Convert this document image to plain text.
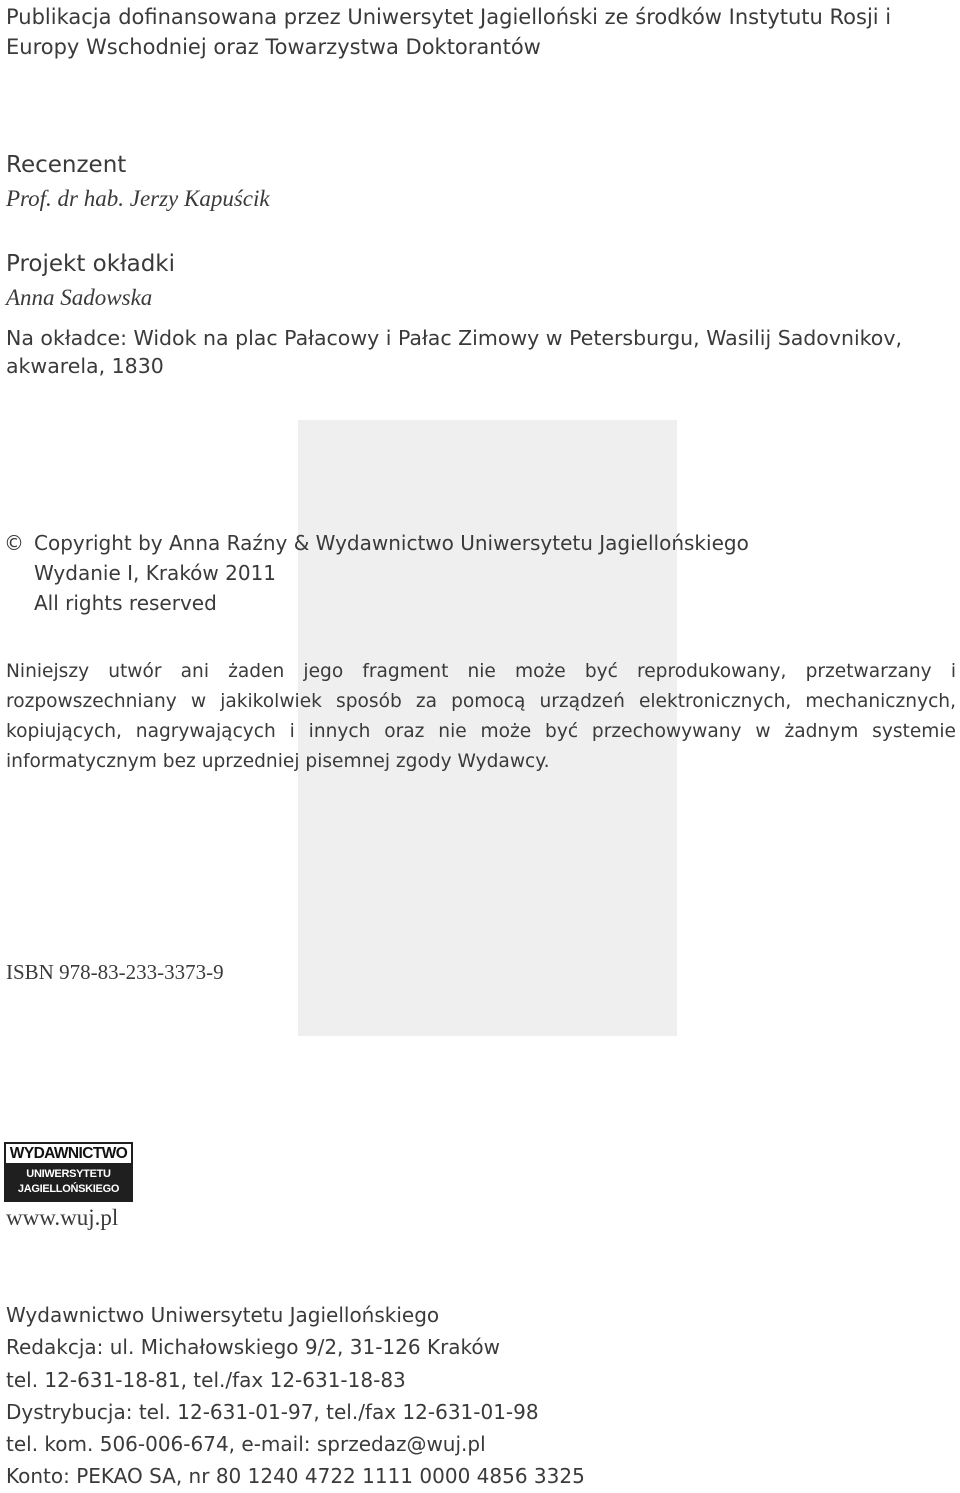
Publikacja dofinansowana przez Uniwersytet Jagielloński ze środków Instytutu Rosji i Europy Wschodniej oraz Towarzystwa Doktorantów
Recenzent
Prof. dr hab. Jerzy Kapuścik
Projekt okładki
Anna Sadowska
Na okładce: Widok na plac Pałacowy i Pałac Zimowy w Petersburgu, Wasilij Sadovnikov,
akwarela, 1830
© Copyright by Anna Raźny & Wydawnictwo Uniwersytetu Jagiellońskiego
Wydanie I, Kraków 2011
All rights reserved
Niniejszy utwór ani żaden jego fragment nie może być reprodukowany, przetwarzany i rozpowszechniany w jakikolwiek sposób za pomocą urządzeń elektronicznych, mechanicznych, kopiujących, nagrywających i innych oraz nie może być przechowywany w żadnym systemie informatycznym bez uprzedniej pisemnej zgody Wydawcy.
ISBN 978-83-233-3373-9
WYDAWNICTWO
UNIWERSYTETU
JAGIELLOŃSKIEGO
www.wuj.pl
Wydawnictwo Uniwersytetu Jagiellońskiego
Redakcja: ul. Michałowskiego 9/2, 31-126 Kraków
tel. 12-631-18-81, tel./fax 12-631-18-83
Dystrybucja: tel. 12-631-01-97, tel./fax 12-631-01-98
tel. kom. 506-006-674, e-mail: sprzedaz@wuj.pl
Konto: PEKAO SA, nr 80 1240 4722 1111 0000 4856 3325
